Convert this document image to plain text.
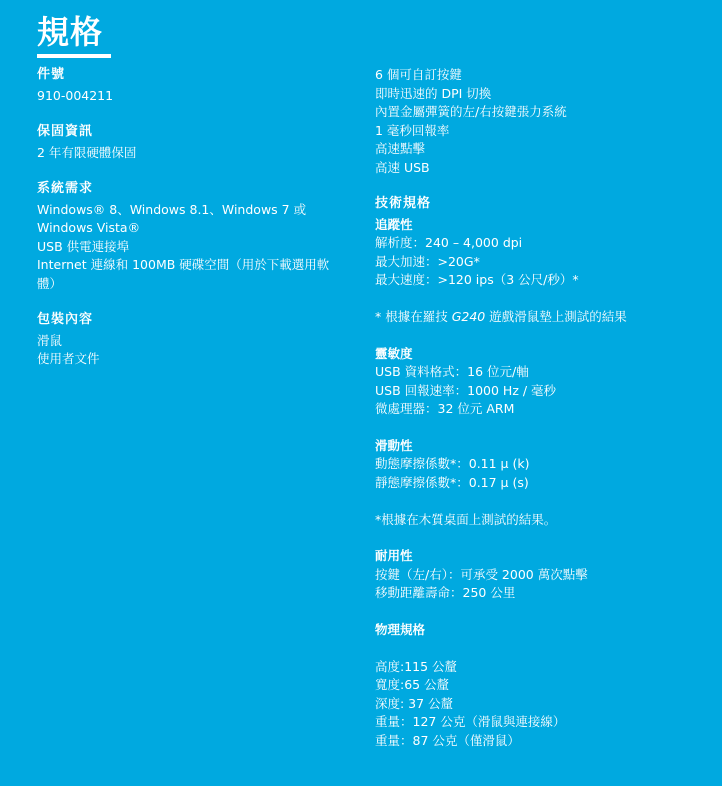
規格
件號
910-004211
保固資訊
2 年有限硬體保固
系統需求
Windows® 8、Windows 8.1、Windows 7 或 Windows Vista®
USB 供電連接埠
Internet 連線和 100MB 硬碟空間（用於下載選用軟體）
包裝內容
滑鼠
使用者文件
6 個可自訂按鍵
即時迅速的 DPI 切換
內置金屬彈簧的左/右按鍵張力系統
1 毫秒回報率
高速點擊
高速 USB
技術規格
追蹤性
解析度：240 – 4,000 dpi
最大加速：>20G*
最大速度：>120 ips（3 公尺/秒）*
* 根據在羅技 G240 遊戲滑鼠墊上測試的結果
靈敏度
USB 資料格式：16 位元/軸
USB 回報速率：1000 Hz / 毫秒
微處理器：32 位元 ARM
滑動性
動態摩擦係數*：0.11 µ (k)
靜態摩擦係數*：0.17 µ (s)
*根據在木質桌面上測試的結果。
耐用性
按鍵（左/右）：可承受 2000 萬次點擊
移動距離壽命：250 公里
物理規格
高度:115 公釐
寬度:65 公釐
深度: 37 公釐
重量：127 公克（滑鼠與連接線）
重量：87 公克（僅滑鼠）
